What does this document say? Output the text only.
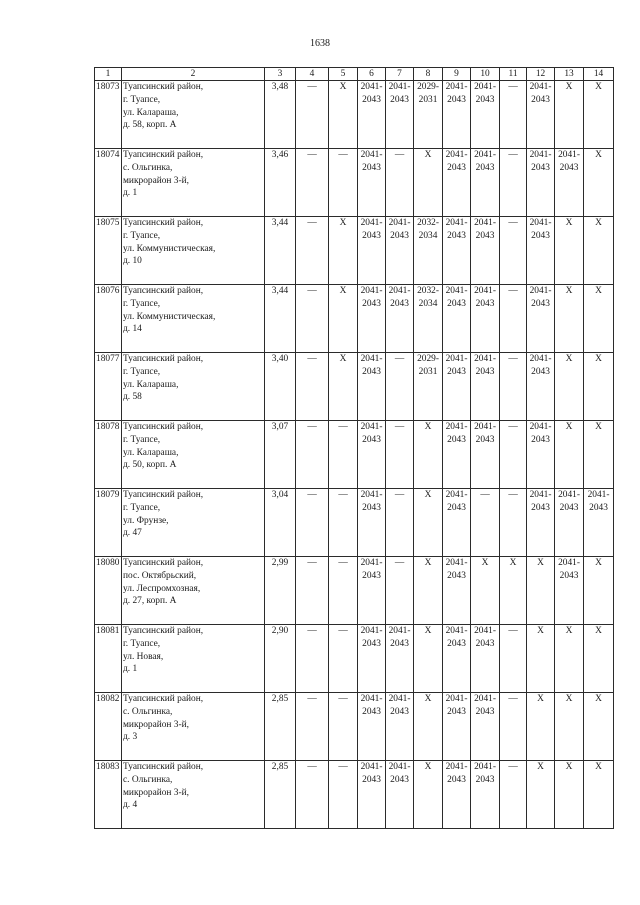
1638
1	2	3	4	5	6	7	8	9	10	11	12	13	14
18073	Туапсинский район,
г. Туапсе,
ул. Калараша,
д. 58, корп. А	3,48	—	X	2041-
2043	2041-
2043	2029-
2031	2041-
2043	2041-
2043	—	2041-
2043	X	X
18074	Туапсинский район,
с. Ольгинка,
микрорайон 3-й,
д. 1	3,46	—	—	2041-
2043	—	X	2041-
2043	2041-
2043	—	2041-
2043	2041-
2043	X
18075	Туапсинский район,
г. Туапсе,
ул. Коммунистическая,
д. 10	3,44	—	X	2041-
2043	2041-
2043	2032-
2034	2041-
2043	2041-
2043	—	2041-
2043	X	X
18076	Туапсинский район,
г. Туапсе,
ул. Коммунистическая,
д. 14	3,44	—	X	2041-
2043	2041-
2043	2032-
2034	2041-
2043	2041-
2043	—	2041-
2043	X	X
18077	Туапсинский район,
г. Туапсе,
ул. Калараша,
д. 58	3,40	—	X	2041-
2043	—	2029-
2031	2041-
2043	2041-
2043	—	2041-
2043	X	X
18078	Туапсинский район,
г. Туапсе,
ул. Калараша,
д. 50, корп. А	3,07	—	—	2041-
2043	—	X	2041-
2043	2041-
2043	—	2041-
2043	X	X
18079	Туапсинский район,
г. Туапсе,
ул. Фрунзе,
д. 47	3,04	—	—	2041-
2043	—	X	2041-
2043	—	—	2041-
2043	2041-
2043	2041-
2043

18080	Туапсинский район,
пос. Октябрьский,
ул. Леспромхозная,
д. 27, корп. А	2,99	—	—	2041-
2043	—	X	2041-
2043	X	X	X	2041-
2043	X
18081	Туапсинский район,
г. Туапсе,
ул. Новая,
д. 1	2,90	—	—	2041-
2043	2041-
2043	X	2041-
2043	2041-
2043	—	X	X	X
18082	Туапсинский район,
с. Ольгинка,
микрорайон 3-й,
д. 3	2,85	—	—	2041-
2043	2041-
2043	X	2041-
2043	2041-
2043	—	X	X	X
18083	Туапсинский район,
с. Ольгинка,
микрорайон 3-й,
д. 4	2,85	—	—	2041-
2043	2041-
2043	X	2041-
2043	2041-
2043	—	X	X	X
